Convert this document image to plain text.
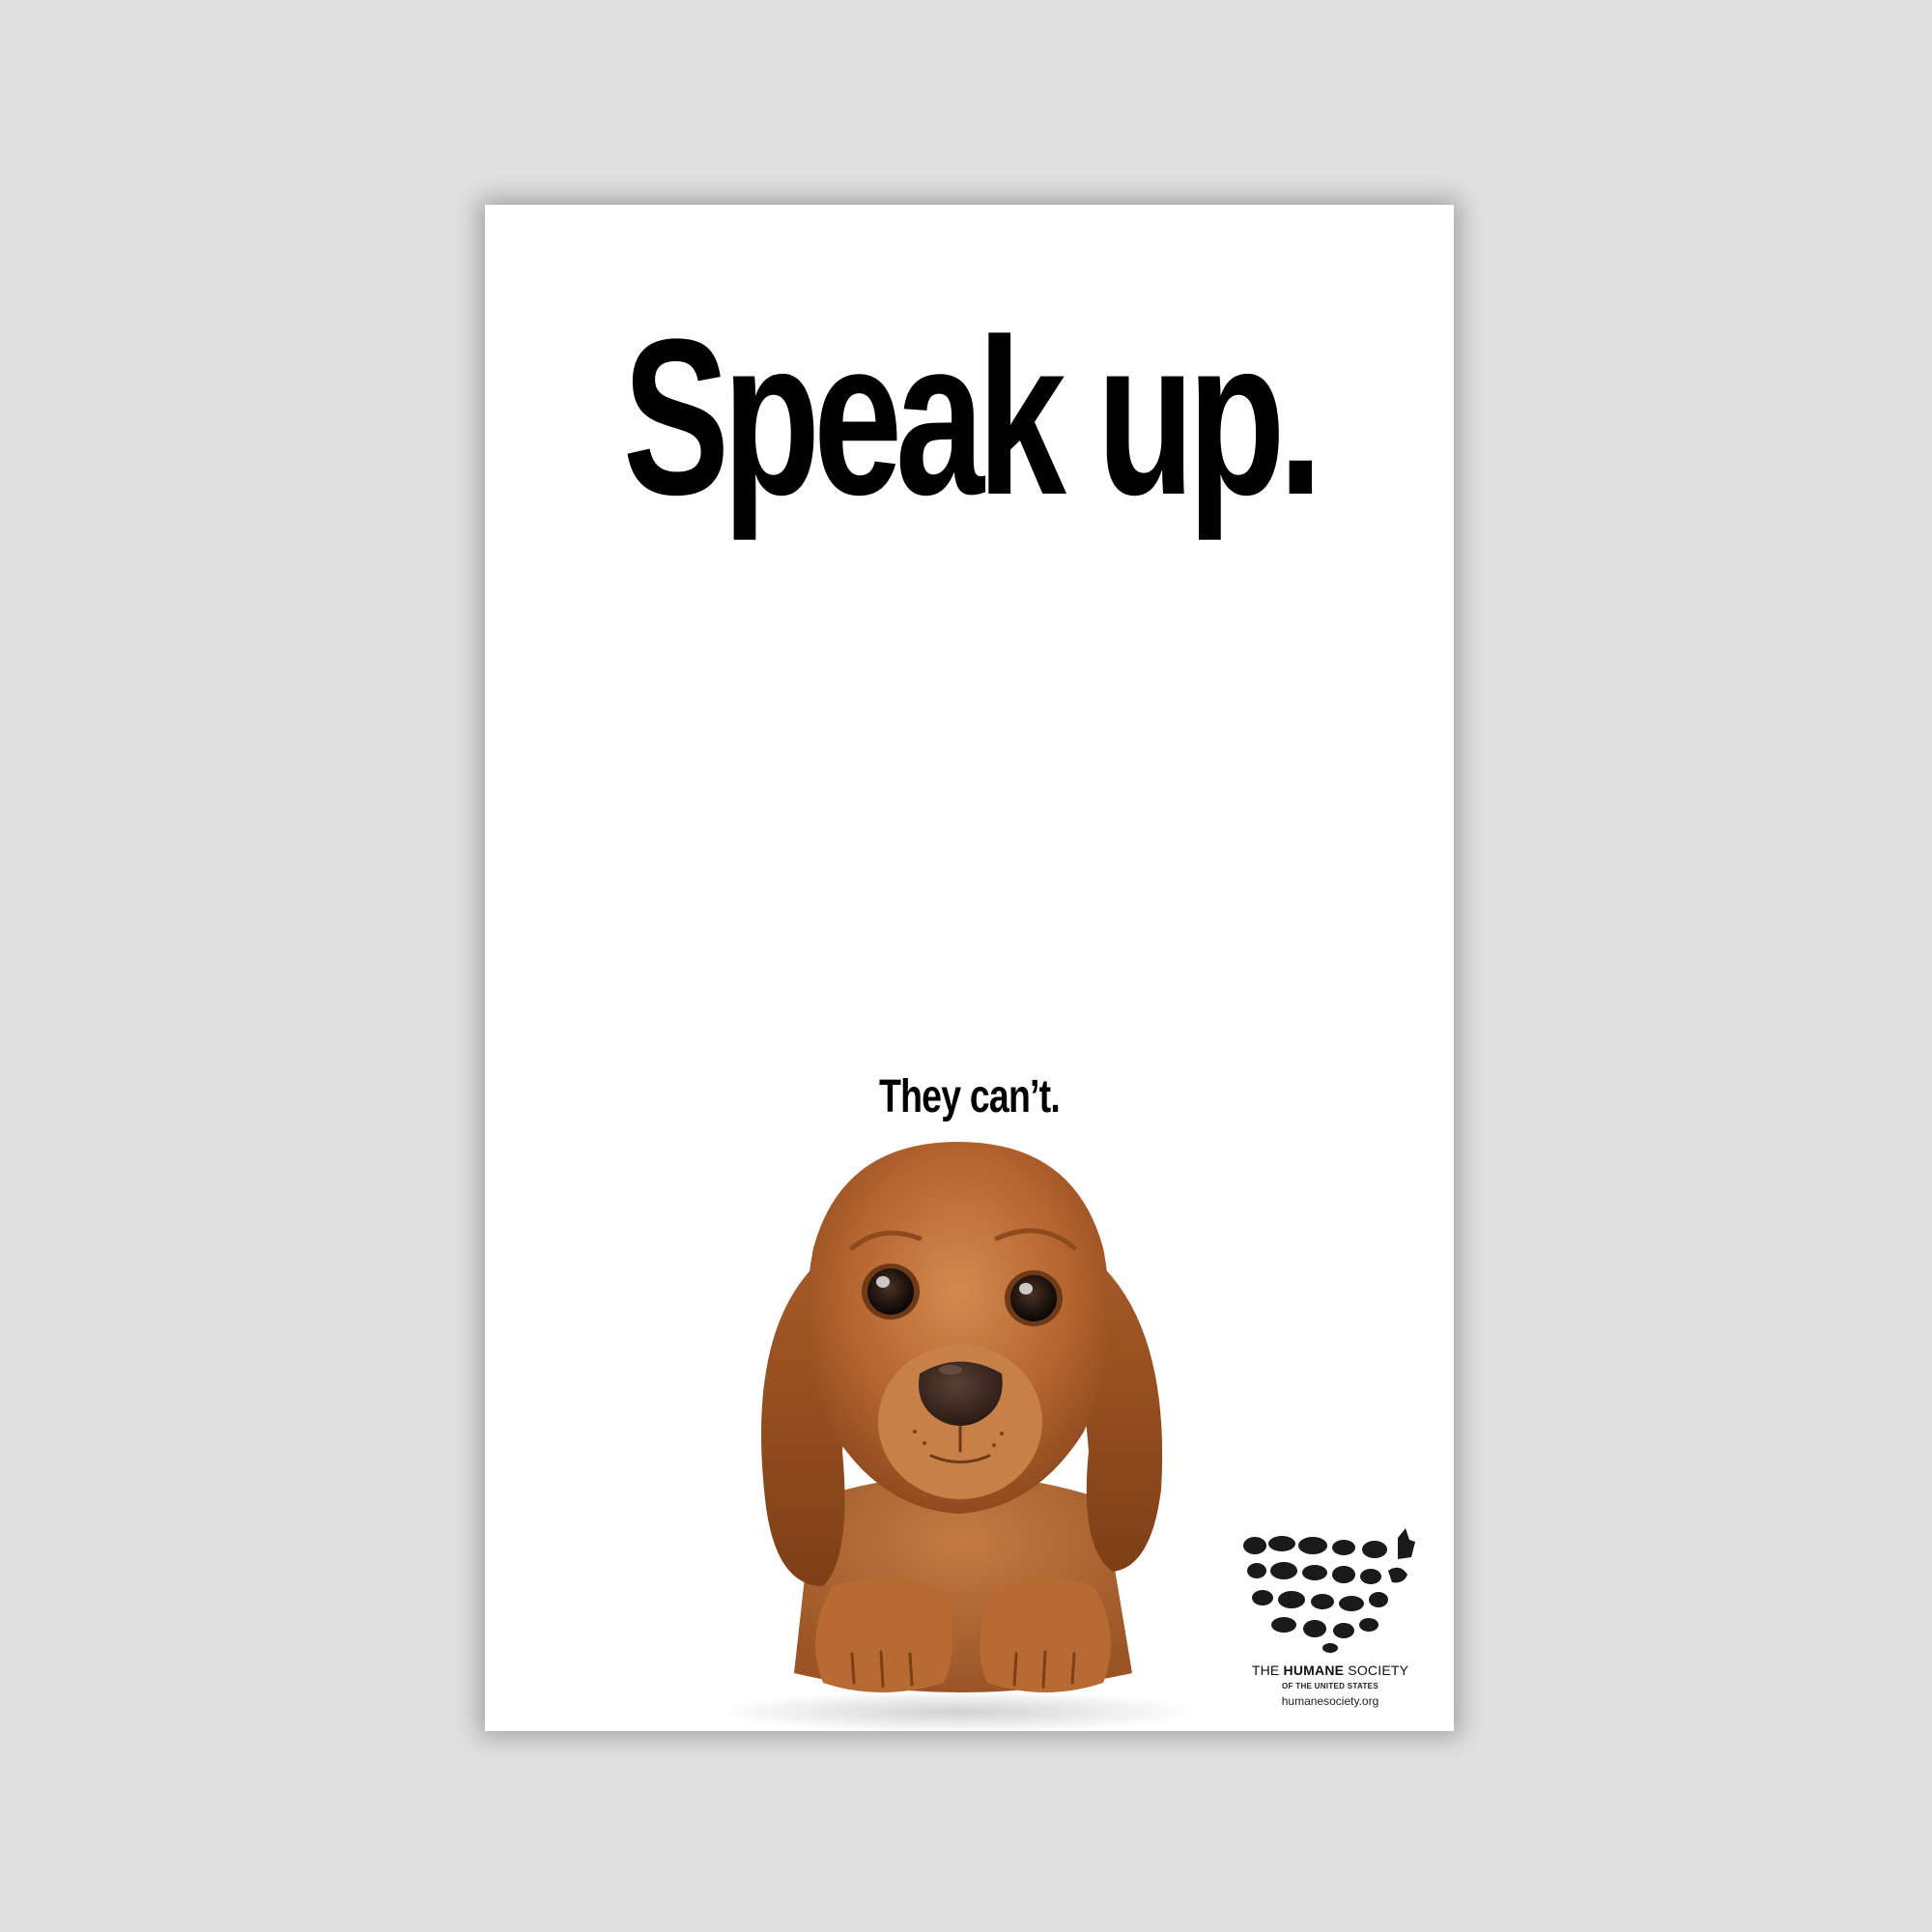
Speak up.

They can’t.

THE HUMANE SOCIETY
OF THE UNITED STATES
humanesociety.org
